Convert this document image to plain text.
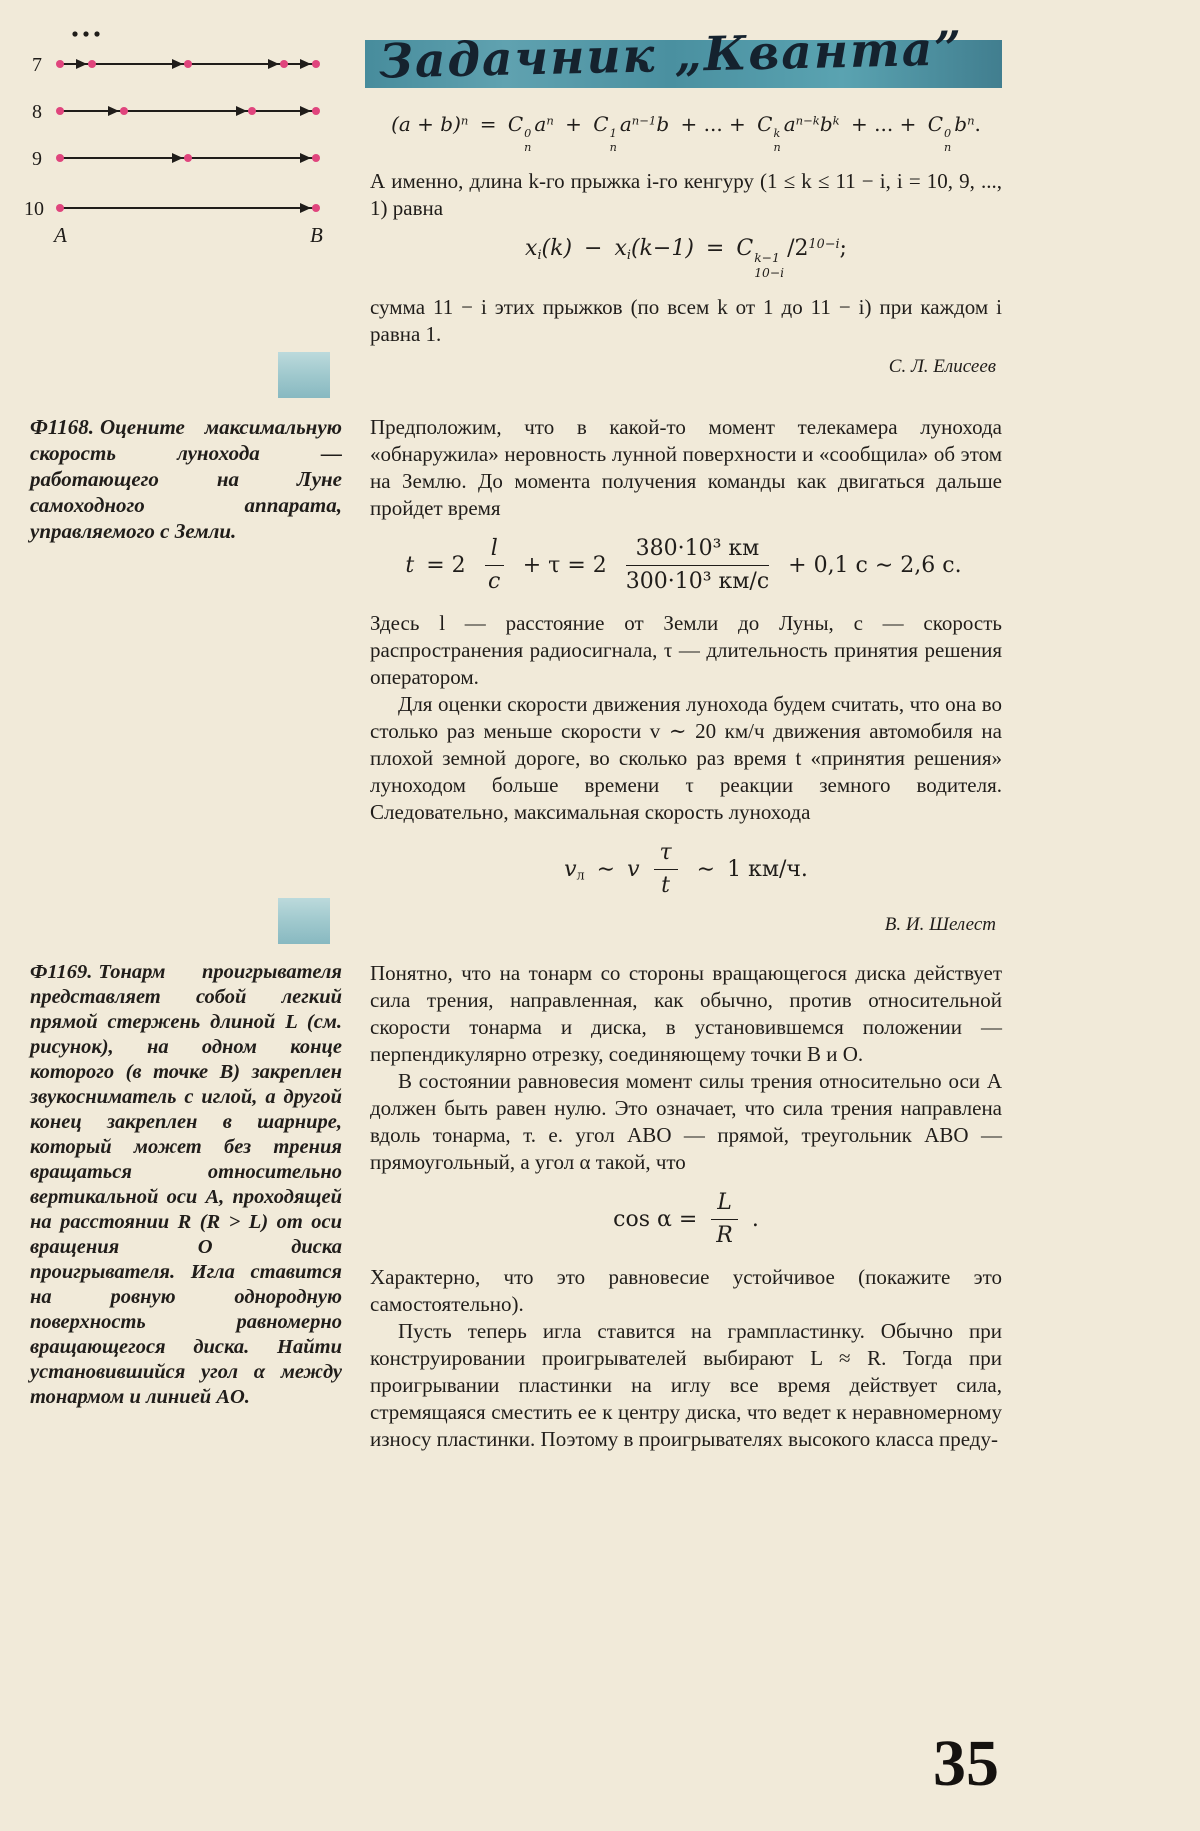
7
8
9
10
A	B
Задачник „Кванта”
$(a + b)^n = C$ 0
n
$a^n + C$ 1
n
$a^{n-1}b$ + ... + C k
n
$a^{n-k}b^k$ + ... + C 0
n
$b^n$.

А именно, длина k-го прыжка i-го кенгуру (1 ≤ k ≤ 11 − i, i = 10, 9, ..., 1) равна

$x_i(k) - x_i(k-1) = C$ k−1
10−i
$/2^{10-i}$;

сумма 11 − i этих прыжков (по всем k от 1 до 11 − i) при каждом i равна 1.

С. Л. Елисеев
Ф1168. Оцените максимальную скорость лунохода — работающего на Луне самоходного аппарата, управляемого с Земли.

Предположим, что в какой-то момент телекамера лунохода «обнаружила» неровность лунной поверхности и «сообщила» об этом на Землю. До момента получения команды как двигаться дальше пройдет время

$t = 2 \frac{l}{c} + \tau = 2 \frac{\text{380·10³ км}}{\text{300·10³ км/с}} + 0,1$ с ∼ 2,6 с.

Здесь l — расстояние от Земли до Луны, c — скорость распространения радиосигнала, τ — длительность принятия решения оператором.

Для оценки скорости движения лунохода будем считать, что она во столько раз меньше скорости v ∼ 20 км/ч движения автомобиля на плохой земной дороге, во сколько раз время t «принятия решения» луноходом больше времени τ реакции земного водителя. Следовательно, максимальная скорость лунохода

$v_л$ ∼ v $\frac{\tau}{t}$ ∼ 1 км/ч.
В. И. Шелест
Ф1169. Тонарм проигрывателя представляет собой легкий прямой стержень длиной L (см. рисунок), на одном конце которого (в точке B) закреплен звукосниматель с иглой, а другой конец закреплен в шарнире, который может без трения вращаться относительно вертикальной оси A, проходящей на расстоянии R (R > L) от оси вращения O диска проигрывателя. Игла ставится на ровную однородную поверхность равномерно вращающегося диска. Найти установившийся угол α между тонармом и линией AO.

Понятно, что на тонарм со стороны вращающегося диска действует сила трения, направленная, как обычно, против относительной скорости тонарма и диска, в установившемся положении — перпендикулярно отрезку, соединяющему точки B и O.

В состоянии равновесия момент силы трения относительно оси A должен быть равен нулю. Это означает, что сила трения направлена вдоль тонарма, т. е. угол ABO — прямой, треугольник ABO — прямоугольный, а угол α такой, что

$\cos \alpha = \frac{L}{R}$ .

Характерно, что это равновесие устойчивое (покажите это самостоятельно).

Пусть теперь игла ставится на грампластинку. Обычно при конструировании проигрывателей выбирают L ≈ R. Тогда при проигрывании пластинки на иглу все время действует сила, стремящаяся сместить ее к центру диска, что ведет к неравномерному износу пластинки. Поэтому в проигрывателях высокого класса преду-

35
